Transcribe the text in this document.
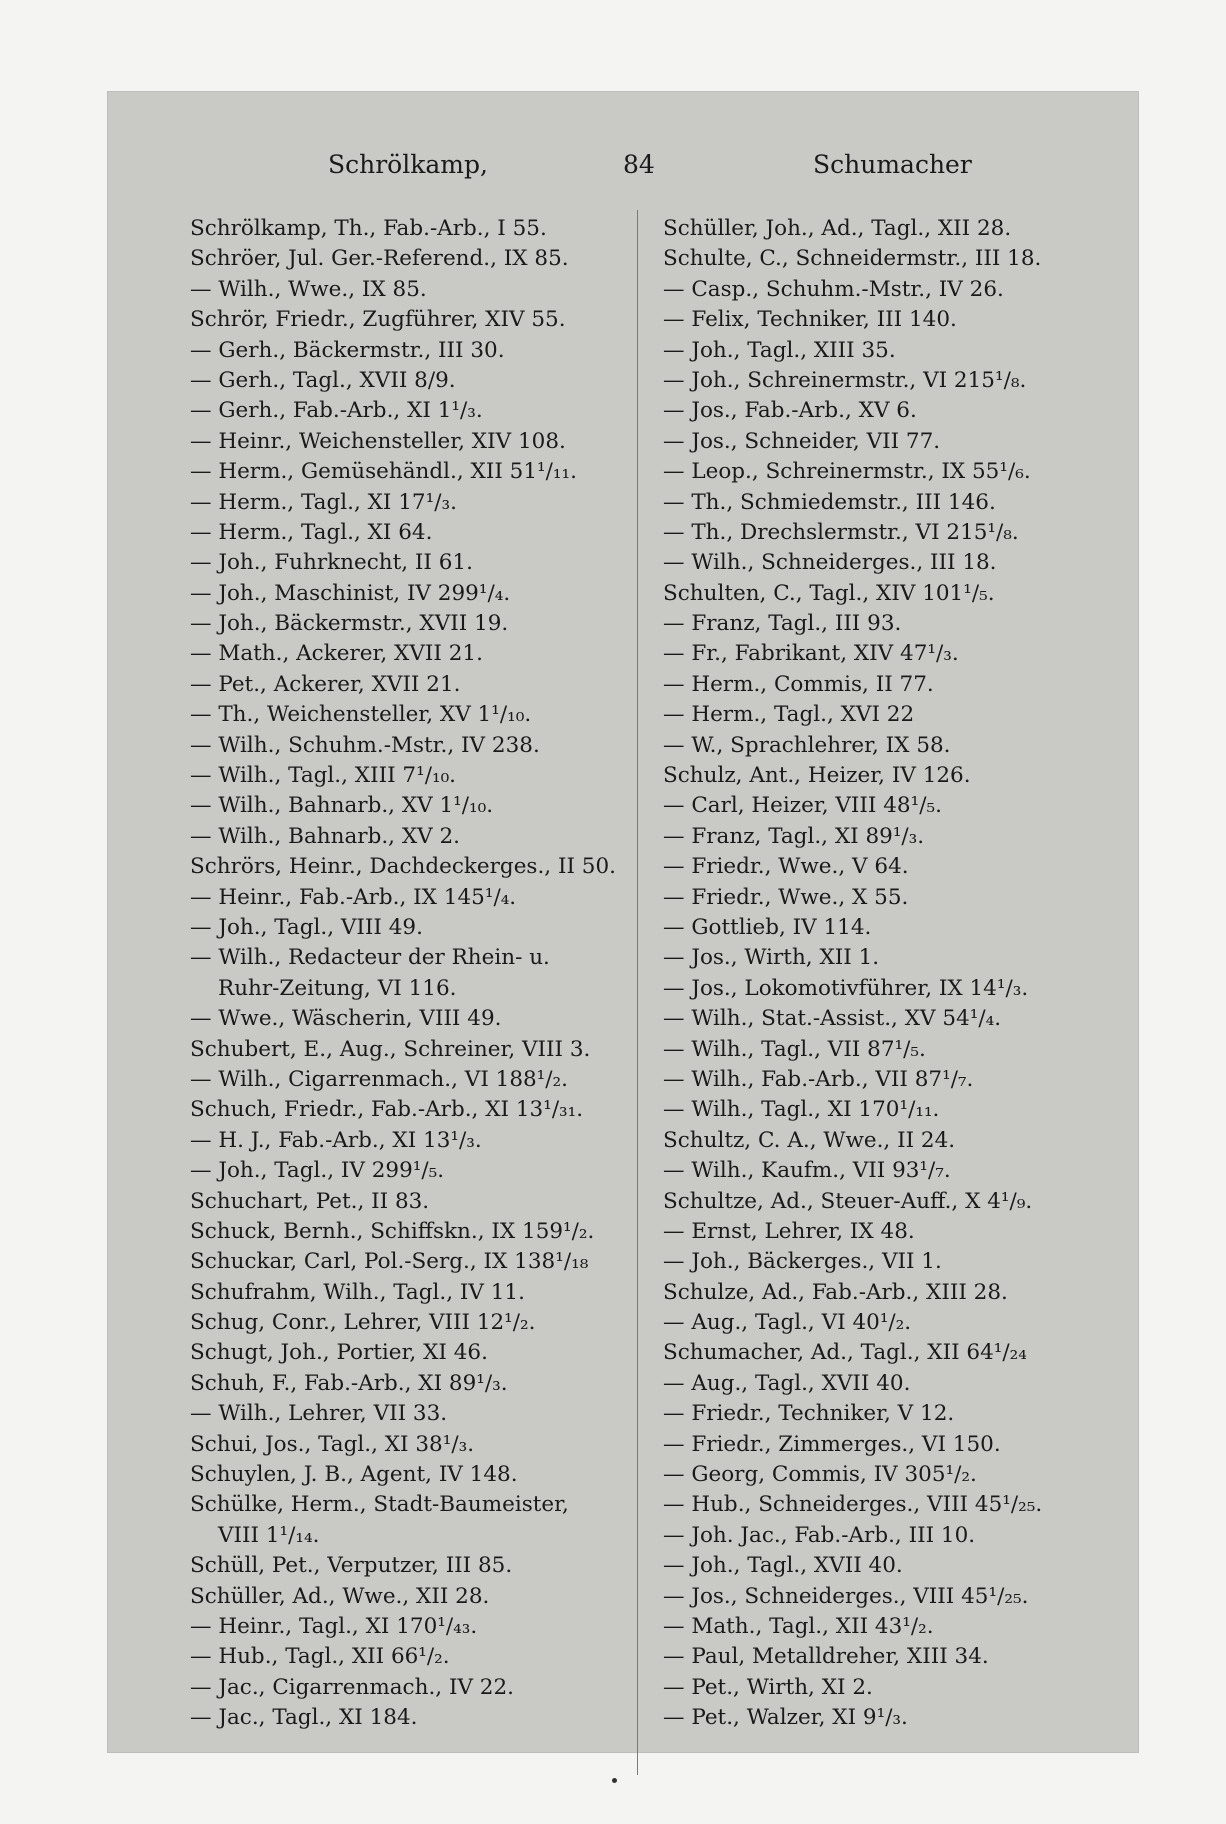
Schrölkamp,	84	Schumacher
Schrölkamp, Th., Fab.-Arb., I 55.
Schröer, Jul. Ger.-Referend., IX 85.
— Wilh., Wwe., IX 85.
Schrör, Friedr., Zugführer, XIV 55.
— Gerh., Bäckermstr., III 30.
— Gerh., Tagl., XVII 8/9.
— Gerh., Fab.-Arb., XI 1¹/₃.
— Heinr., Weichensteller, XIV 108.
— Herm., Gemüsehändl., XII 51¹/₁₁.
— Herm., Tagl., XI 17¹/₃.
— Herm., Tagl., XI 64.
— Joh., Fuhrknecht, II 61.
— Joh., Maschinist, IV 299¹/₄.
— Joh., Bäckermstr., XVII 19.
— Math., Ackerer, XVII 21.
— Pet., Ackerer, XVII 21.
— Th., Weichensteller, XV 1¹/₁₀.
— Wilh., Schuhm.-Mstr., IV 238.
— Wilh., Tagl., XIII 7¹/₁₀.
— Wilh., Bahnarb., XV 1¹/₁₀.
— Wilh., Bahnarb., XV 2.
Schrörs, Heinr., Dachdeckerges., II 50.
— Heinr., Fab.-Arb., IX 145¹/₄.
— Joh., Tagl., VIII 49.
— Wilh., Redacteur der Rhein- u.
Ruhr-Zeitung, VI 116.
— Wwe., Wäscherin, VIII 49.
Schubert, E., Aug., Schreiner, VIII 3.
— Wilh., Cigarrenmach., VI 188¹/₂.
Schuch, Friedr., Fab.-Arb., XI 13¹/₃₁.
— H. J., Fab.-Arb., XI 13¹/₃.
— Joh., Tagl., IV 299¹/₅.
Schuchart, Pet., II 83.
Schuck, Bernh., Schiffskn., IX 159¹/₂.
Schuckar, Carl, Pol.-Serg., IX 138¹/₁₈
Schufrahm, Wilh., Tagl., IV 11.
Schug, Conr., Lehrer, VIII 12¹/₂.
Schugt, Joh., Portier, XI 46.
Schuh, F., Fab.-Arb., XI 89¹/₃.
— Wilh., Lehrer, VII 33.
Schui, Jos., Tagl., XI 38¹/₃.
Schuylen, J. B., Agent, IV 148.
Schülke, Herm., Stadt-Baumeister,
VIII 1¹/₁₄.
Schüll, Pet., Verputzer, III 85.
Schüller, Ad., Wwe., XII 28.
— Heinr., Tagl., XI 170¹/₄₃.
— Hub., Tagl., XII 66¹/₂.
— Jac., Cigarrenmach., IV 22.
— Jac., Tagl., XI 184.
Schüller, Joh., Ad., Tagl., XII 28.
Schulte, C., Schneidermstr., III 18.
— Casp., Schuhm.-Mstr., IV 26.
— Felix, Techniker, III 140.
— Joh., Tagl., XIII 35.
— Joh., Schreinermstr., VI 215¹/₈.
— Jos., Fab.-Arb., XV 6.
— Jos., Schneider, VII 77.
— Leop., Schreinermstr., IX 55¹/₆.
— Th., Schmiedemstr., III 146.
— Th., Drechslermstr., VI 215¹/₈.
— Wilh., Schneiderges., III 18.
Schulten, C., Tagl., XIV 101¹/₅.
— Franz, Tagl., III 93.
— Fr., Fabrikant, XIV 47¹/₃.
— Herm., Commis, II 77.
— Herm., Tagl., XVI 22
— W., Sprachlehrer, IX 58.
Schulz, Ant., Heizer, IV 126.
— Carl, Heizer, VIII 48¹/₅.
— Franz, Tagl., XI 89¹/₃.
— Friedr., Wwe., V 64.
— Friedr., Wwe., X 55.
— Gottlieb, IV 114.
— Jos., Wirth, XII 1.
— Jos., Lokomotivführer, IX 14¹/₃.
— Wilh., Stat.-Assist., XV 54¹/₄.
— Wilh., Tagl., VII 87¹/₅.
— Wilh., Fab.-Arb., VII 87¹/₇.
— Wilh., Tagl., XI 170¹/₁₁.
Schultz, C. A., Wwe., II 24.
— Wilh., Kaufm., VII 93¹/₇.
Schultze, Ad., Steuer-Auff., X 4¹/₉.
— Ernst, Lehrer, IX 48.
— Joh., Bäckerges., VII 1.
Schulze, Ad., Fab.-Arb., XIII 28.
— Aug., Tagl., VI 40¹/₂.
Schumacher, Ad., Tagl., XII 64¹/₂₄
— Aug., Tagl., XVII 40.
— Friedr., Techniker, V 12.
— Friedr., Zimmerges., VI 150.
— Georg, Commis, IV 305¹/₂.
— Hub., Schneiderges., VIII 45¹/₂₅.
— Joh. Jac., Fab.-Arb., III 10.
— Joh., Tagl., XVII 40.
— Jos., Schneiderges., VIII 45¹/₂₅.
— Math., Tagl., XII 43¹/₂.
— Paul, Metalldreher, XIII 34.
— Pet., Wirth, XI 2.
— Pet., Walzer, XI 9¹/₃.
